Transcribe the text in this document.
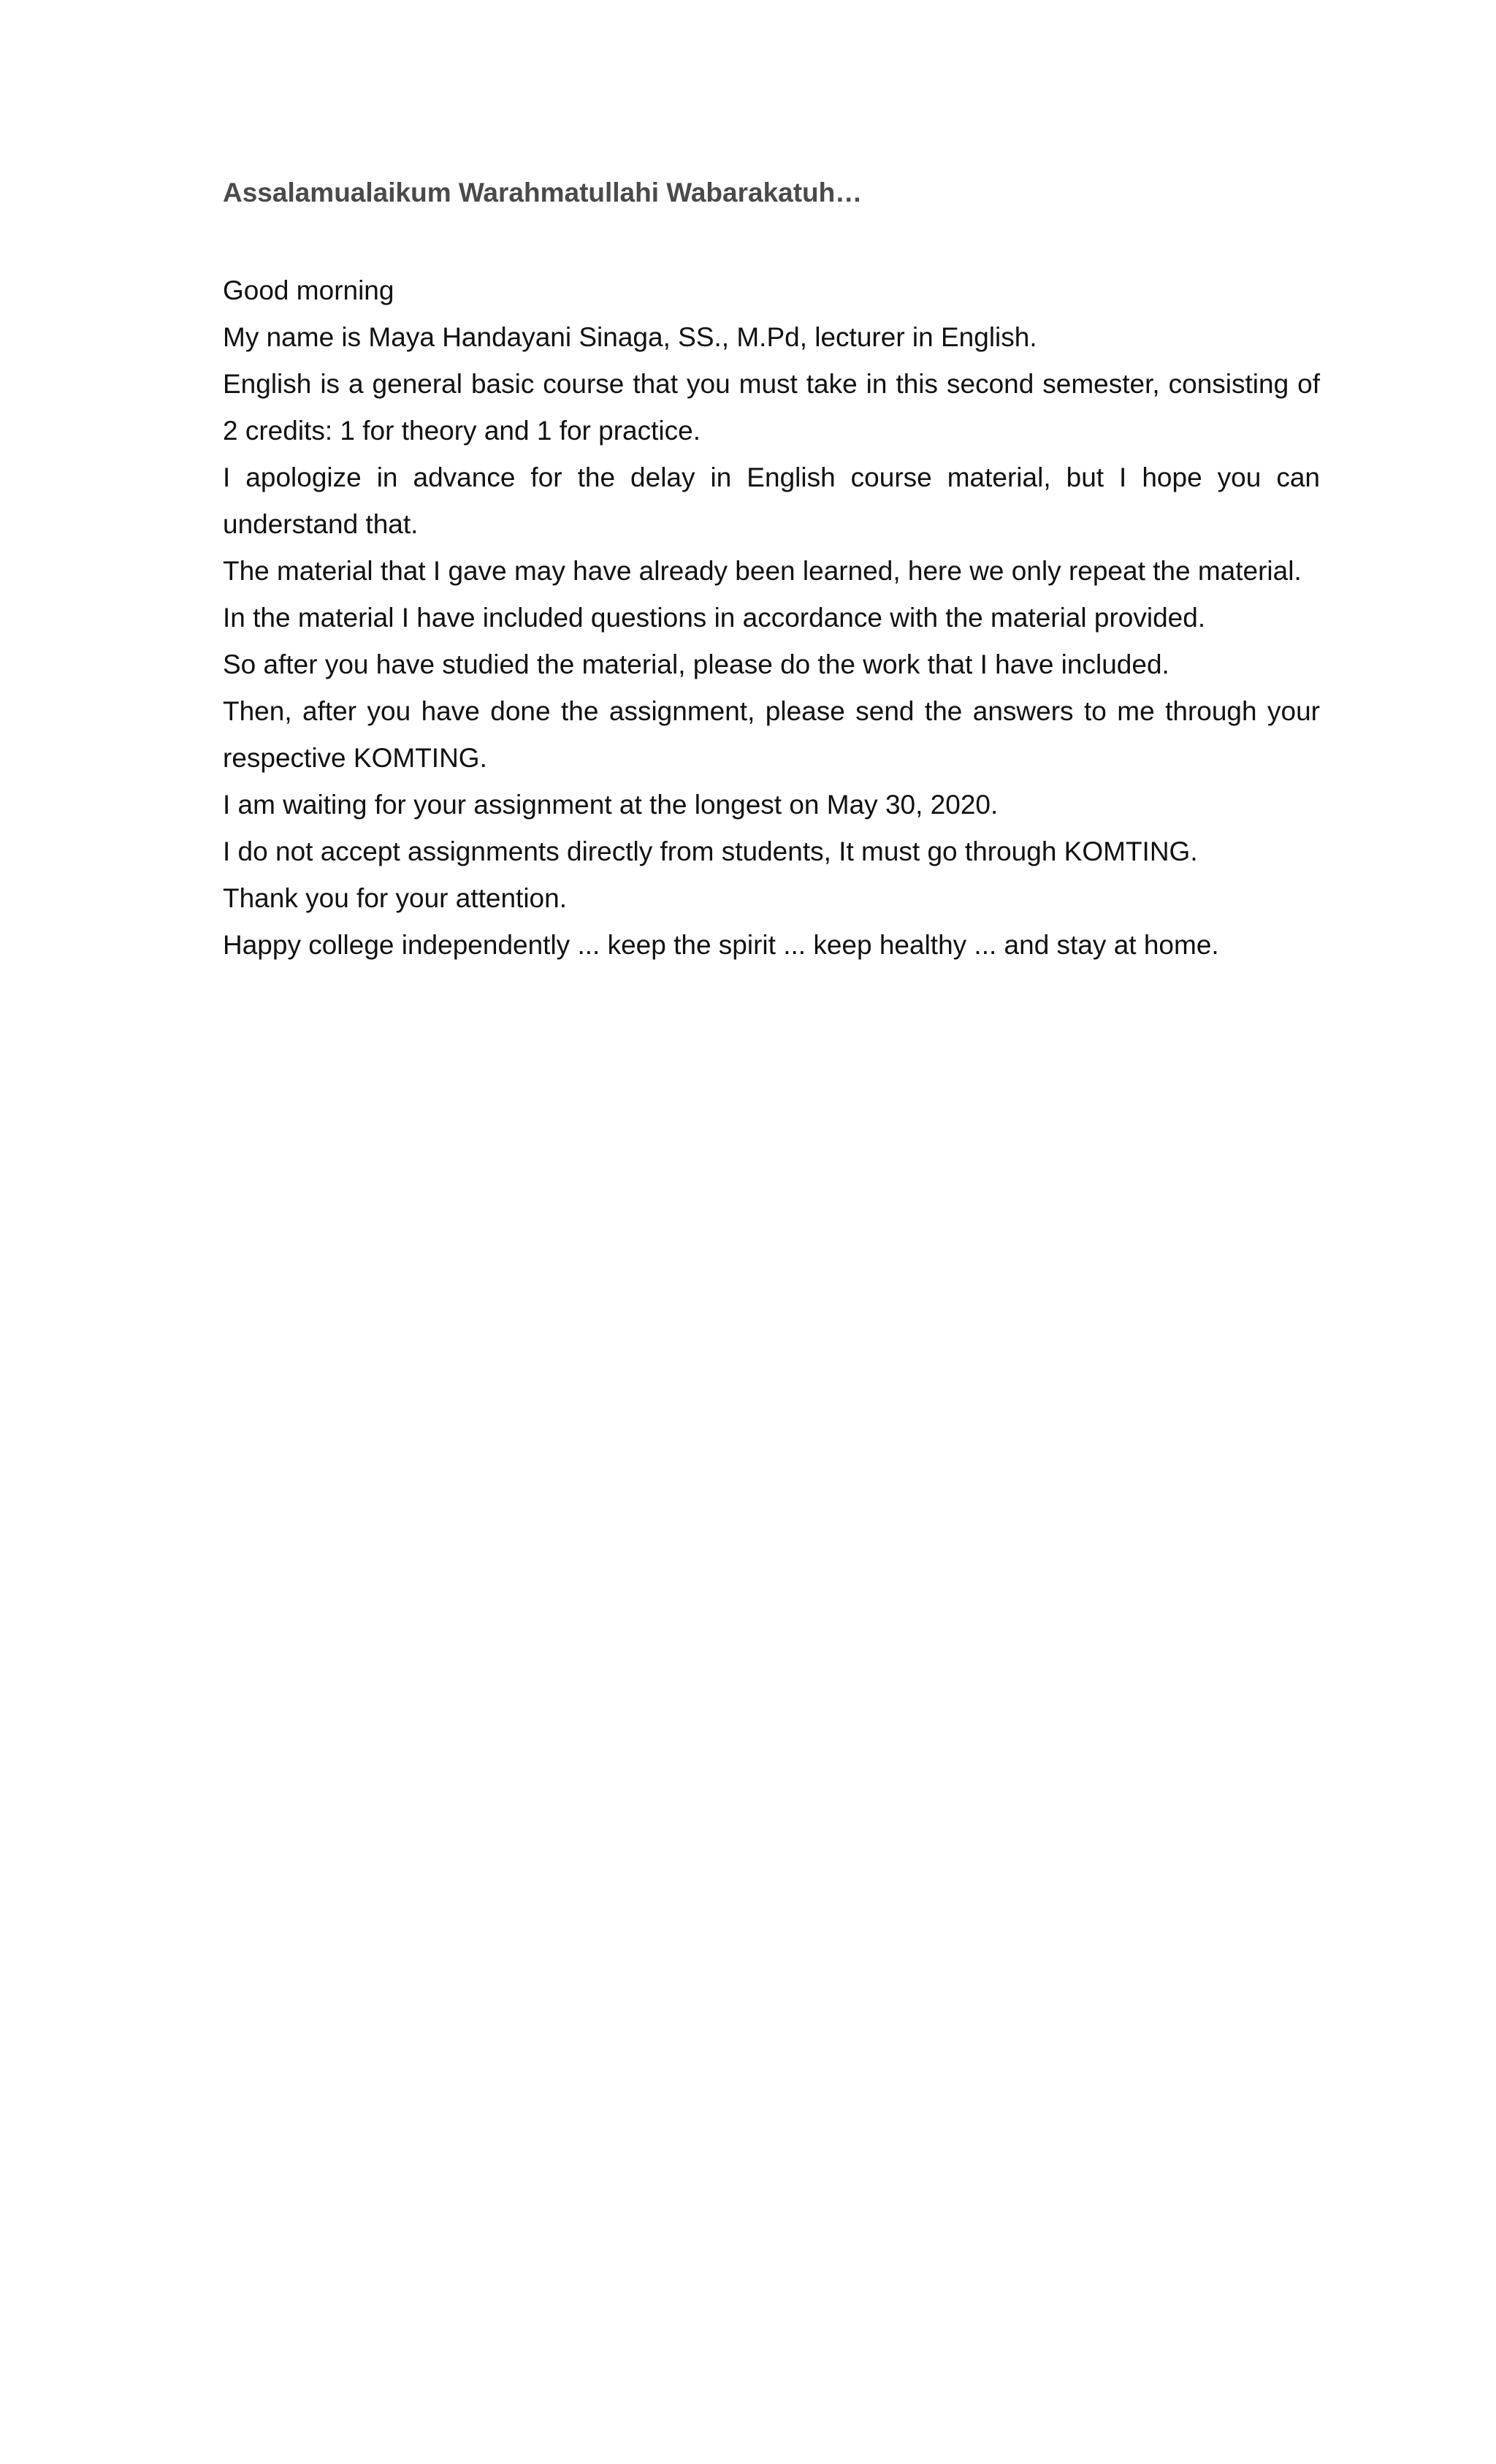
Assalamualaikum Warahmatullahi Wabarakatuh…

Good morning

My name is Maya Handayani Sinaga, SS., M.Pd, lecturer in English.

English is a general basic course that you must take in this second semester, consisting of 2 credits: 1 for theory and 1 for practice.

I apologize in advance for the delay in English course material, but I hope you can understand that.

The material that I gave may have already been learned, here we only repeat the material.

In the material I have included questions in accordance with the material provided.

So after you have studied the material, please do the work that I have included.

Then, after you have done the assignment, please send the answers to me through your respective KOMTING.

I am waiting for your assignment at the longest on May 30, 2020.

I do not accept assignments directly from students, It must go through KOMTING.

Thank you for your attention.

Happy college independently ... keep the spirit ... keep healthy ... and stay at home.
